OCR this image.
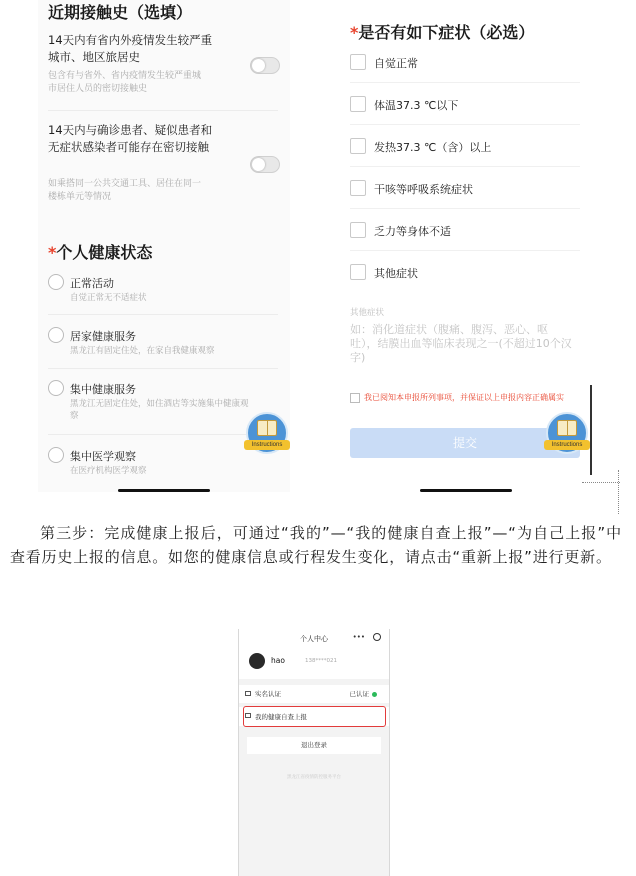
近期接触史（选填）
14天内有省内外疫情发生较严重城市、地区旅居史
包含有与省外、省内疫情发生较严重城市居住人员的密切接触史
14天内与确诊患者、疑似患者和无症状感染者可能存在密切接触
如乘搭同一公共交通工具、居住在同一楼栋单元等情况
*个人健康状态
正常活动
自觉正常无不适症状
居家健康服务
黑龙江有固定住处，在家自我健康观察
集中健康服务
黑龙江无固定住处，如住酒店等实施集中健康观察
集中医学观察
在医疗机构医学观察
Instructions
*是否有如下症状（必选）
自觉正常
体温37.3 ℃以下
发热37.3 ℃（含）以上
干咳等呼吸系统症状
乏力等身体不适
其他症状
其他症状
如：消化道症状（腹痛、腹泻、恶心、呕吐），结膜出血等临床表现之一(不超过10个汉字)
我已阅知本申报所列事项，并保证以上申报内容正确属实
提交	Instructions

第三步：完成健康上报后，可通过“我的”—“我的健康自查上报”—“为自己上报”中查看历史上报的信息。如您的健康信息或行程发生变化，请点击“重新上报”进行更新。

个人中心	•••
hao	138****021
实名认证	已认证
我的健康自查上报
退出登录
黑龙江省疫情防控服务平台
